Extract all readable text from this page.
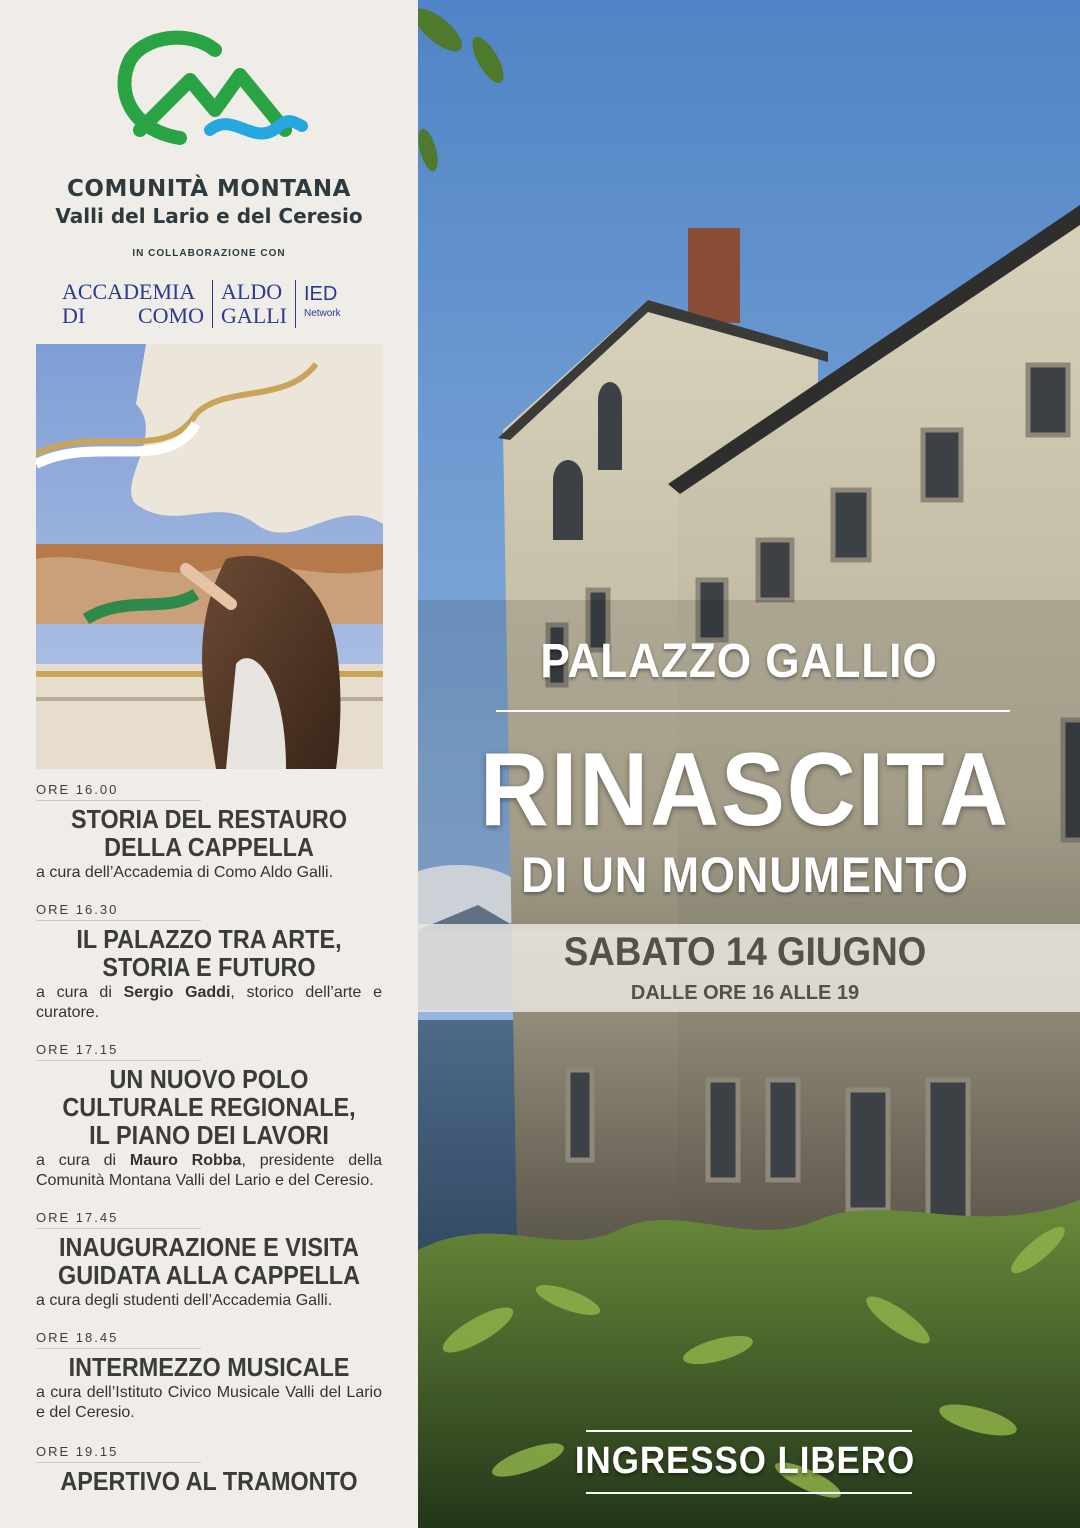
COMUNITÀ MONTANA
Valli del Lario e del Ceresio
IN COLLABORAZIONE CON
ACCADEMIA
DI COMO
ALDO
GALLI
IED
Network
ORE 16.00
STORIA DEL RESTAURO
DELLA CAPPELLA
a cura dell’Accademia di Como Aldo Galli.
ORE 16.30
IL PALAZZO TRA ARTE,
STORIA E FUTURO
a cura di Sergio Gaddi, storico dell’arte e curatore.
ORE 17.15
UN NUOVO POLO
CULTURALE REGIONALE,
IL PIANO DEI LAVORI
a cura di Mauro Robba, presidente della Comunità Montana Valli del Lario e del Ceresio.
ORE 17.45
INAUGURAZIONE E VISITA
GUIDATA ALLA CAPPELLA
a cura degli studenti dell’Accademia Galli.
ORE 18.45
INTERMEZZO MUSICALE
a cura dell’Istituto Civico Musicale Valli del Lario e del Ceresio.
ORE 19.15
APERTIVO AL TRAMONTO
PALAZZO GALLIO
RINASCITA
DI UN MONUMENTO
SABATO 14 GIUGNO
DALLE ORE 16 ALLE 19
INGRESSO LIBERO
